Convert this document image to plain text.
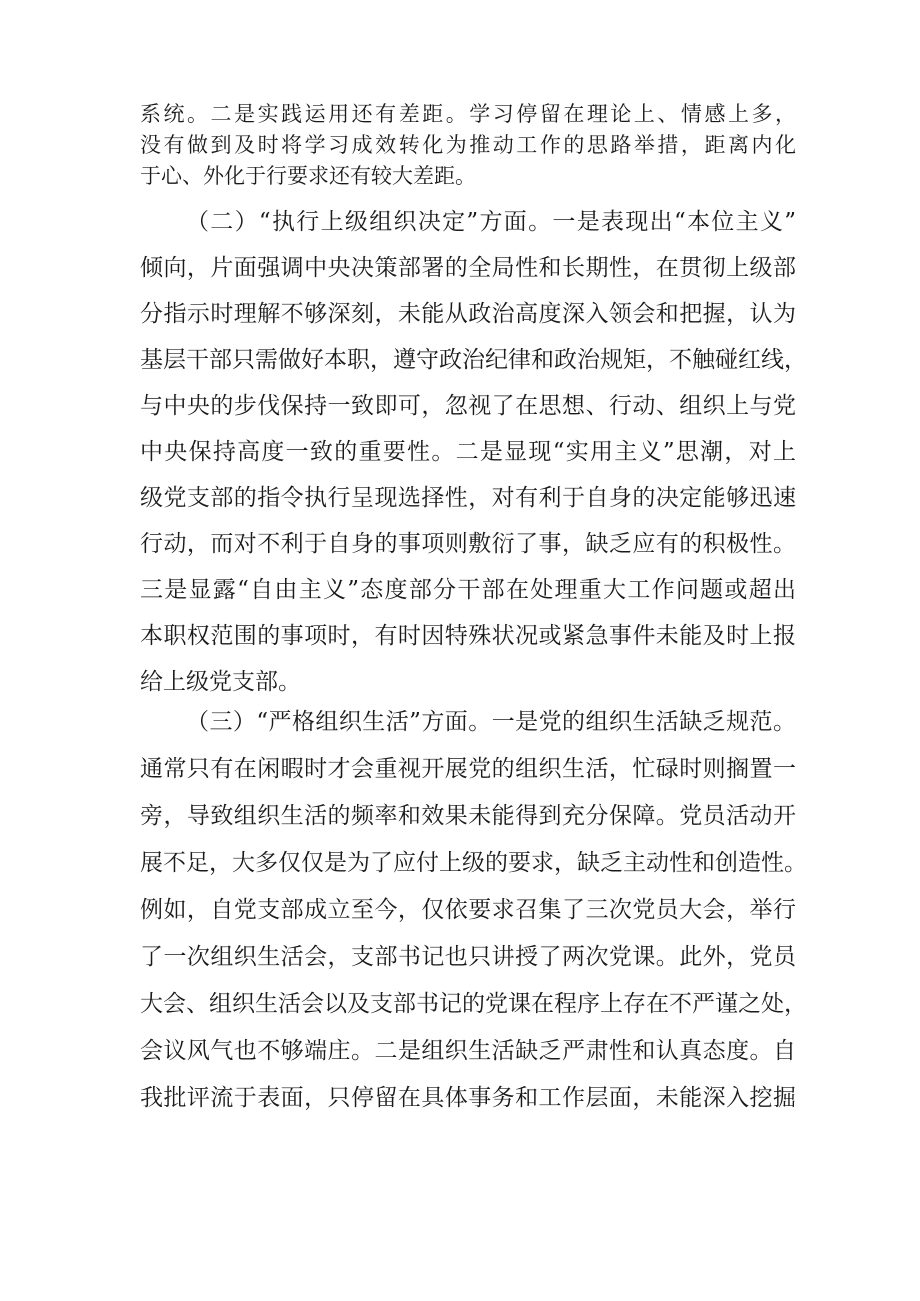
系统。二是实践运用还有差距。学习停留在理论上、情感上多，
没有做到及时将学习成效转化为推动工作的思路举措，距离内化
于心、外化于行要求还有较大差距。
（二）“执行上级组织决定”方面。一是表现出“本位主义”
倾向，片面强调中央决策部署的全局性和长期性，在贯彻上级部
分指示时理解不够深刻，未能从政治高度深入领会和把握，认为
基层干部只需做好本职，遵守政治纪律和政治规矩，不触碰红线，
与中央的步伐保持一致即可，忽视了在思想、行动、组织上与党
中央保持高度一致的重要性。二是显现“实用主义”思潮，对上
级党支部的指令执行呈现选择性，对有利于自身的决定能够迅速
行动，而对不利于自身的事项则敷衍了事，缺乏应有的积极性。
三是显露“自由主义”态度部分干部在处理重大工作问题或超出
本职权范围的事项时，有时因特殊状况或紧急事件未能及时上报
给上级党支部。
（三）“严格组织生活”方面。一是党的组织生活缺乏规范。
通常只有在闲暇时才会重视开展党的组织生活，忙碌时则搁置一
旁，导致组织生活的频率和效果未能得到充分保障。党员活动开
展不足，大多仅仅是为了应付上级的要求，缺乏主动性和创造性。
例如，自党支部成立至今，仅依要求召集了三次党员大会，举行
了一次组织生活会，支部书记也只讲授了两次党课。此外，党员
大会、组织生活会以及支部书记的党课在程序上存在不严谨之处，
会议风气也不够端庄。二是组织生活缺乏严肃性和认真态度。自
我批评流于表面，只停留在具体事务和工作层面，未能深入挖掘
